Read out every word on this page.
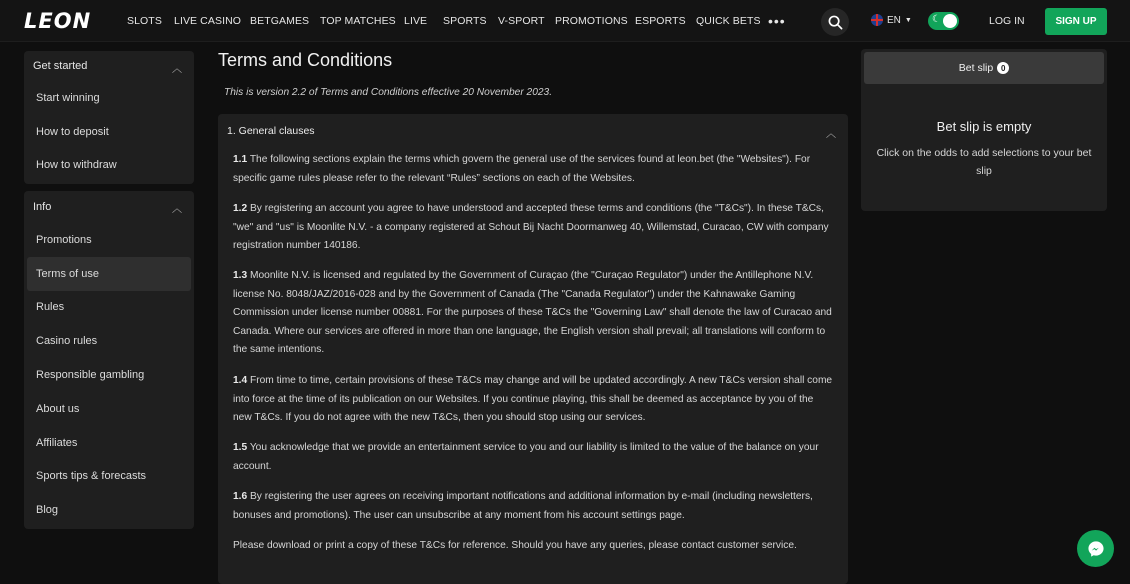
LEON	SLOTS	LIVE CASINO BETGAMES	TOP MATCHES LIVE	SPORTS	V-SPORT PROMOTIONS ESPORTS QUICK BETS •••	EN ▼ ☾	LOG IN	SIGN UP
Get started	︿
Start winning
How to deposit
How to withdraw
Info	︿
Promotions
Terms of use
Rules
Casino rules
Responsible gambling
About us
Affiliates
Sports tips & forecasts
Blog
Terms and Conditions
This is version 2.2 of Terms and Conditions effective 20 November 2023.
1. General clauses	︿
1.1 The following sections explain the terms which govern the general use of the services found at leon.bet (the "Websites"). For specific game rules please refer to the relevant “Rules” sections on each of the Websites.
1.2 By registering an account you agree to have understood and accepted these terms and conditions (the "T&Cs"). In these T&Cs, "we" and "us" is Moonlite N.V. - a company registered at Schout Bij Nacht Doormanweg 40, Willemstad, Curacao, CW with company registration number 140186.
1.3 Moonlite N.V. is licensed and regulated by the Government of Curaçao (the "Curaçao Regulator") under the Antillephone N.V. license No. 8048/JAZ/2016-028 and by the Government of Canada (The "Canada Regulator") under the Kahnawake Gaming Commission under license number 00881. For the purposes of these T&Cs the "Governing Law" shall denote the law of Curacao and Canada. Where our services are offered in more than one language, the English version shall prevail; all translations will conform to the same intentions.
1.4 From time to time, certain provisions of these T&Cs may change and will be updated accordingly. A new T&Cs version shall come into force at the time of its publication on our Websites. If you continue playing, this shall be deemed as acceptance by you of the new T&Cs. If you do not agree with the new T&Cs, then you should stop using our services.
1.5 You acknowledge that we provide an entertainment service to you and our liability is limited to the value of the balance on your account.
1.6 By registering the user agrees on receiving important notifications and additional information by e-mail (including newsletters, bonuses and promotions). The user can unsubscribe at any moment from his account settings page.
Please download or print a copy of these T&Cs for reference. Should you have any queries, please contact customer service.
Bet slip 0
Bet slip is empty
Click on the odds to add selections to your bet slip
